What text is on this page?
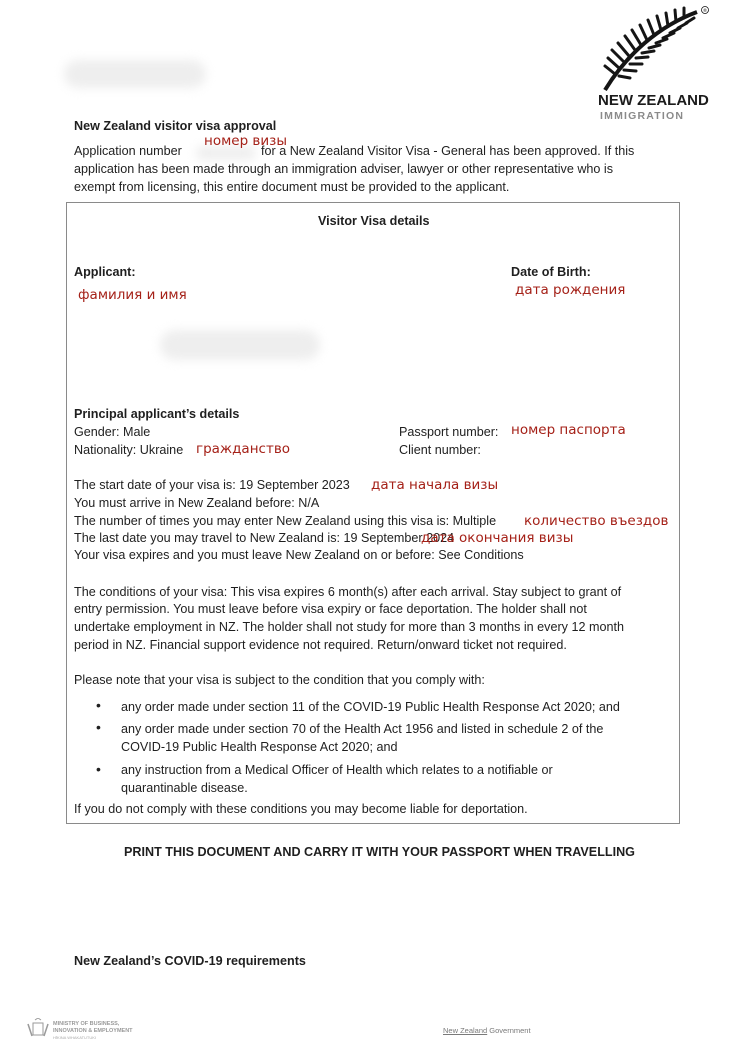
®
NEW ZEALAND
IMMIGRATION
New Zealand visitor visa approval
Application number
номер визы
for a New Zealand Visitor Visa - General has been approved. If this
application has been made through an immigration adviser, lawyer or other representative who is
exempt from licensing, this entire document must be provided to the applicant.
Visitor Visa details
Applicant:
фамилия и имя
Date of Birth:
дата рождения
Principal applicant’s details
Gender: Male
Nationality: Ukraine гражданство
Passport number: номер паспорта
Client number:
The start date of your visa is: 19 September 2023 дата начала визы
You must arrive in New Zealand before: N/A
The number of times you may enter New Zealand using this visa is: Multiple количество въездов
The last date you may travel to New Zealand is: 19 September 2024
дата окончания визы
Your visa expires and you must leave New Zealand on or before: See Conditions
The conditions of your visa: This visa expires 6 month(s) after each arrival. Stay subject to grant of
entry permission. You must leave before visa expiry or face deportation. The holder shall not
undertake employment in NZ. The holder shall not study for more than 3 months in every 12 month
period in NZ. Financial support evidence not required. Return/onward ticket not required.
Please note that your visa is subject to the condition that you comply with:
• any order made under section 11 of the COVID-19 Public Health Response Act 2020; and
• any order made under section 70 of the Health Act 1956 and listed in schedule 2 of the
COVID-19 Public Health Response Act 2020; and
• any instruction from a Medical Officer of Health which relates to a notifiable or
quarantinable disease.
If you do not comply with these conditions you may become liable for deportation.
PRINT THIS DOCUMENT AND CARRY IT WITH YOUR PASSPORT WHEN TRAVELLING
New Zealand’s COVID-19 requirements
MINISTRY OF BUSINESS,
INNOVATION & EMPLOYMENT
HĪKINA WHAKATUTUKI
New Zealand Government
